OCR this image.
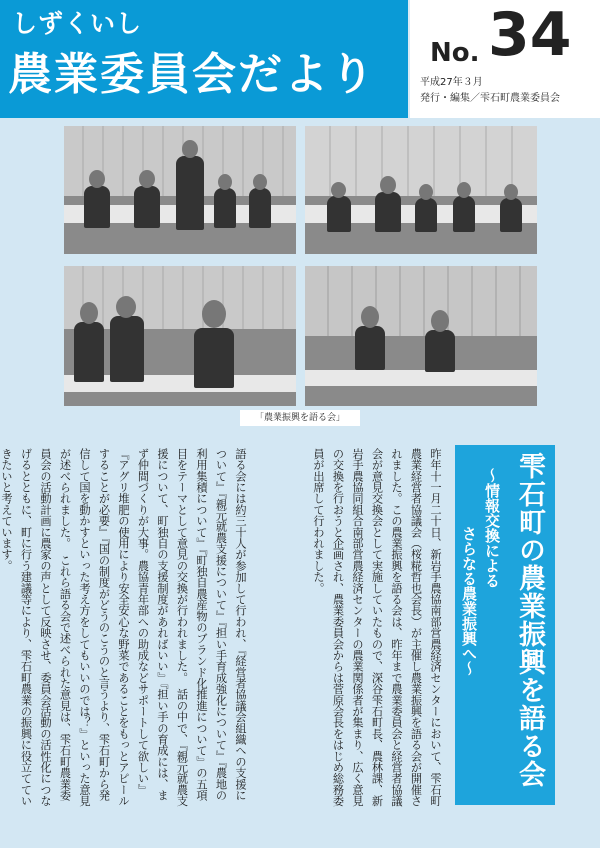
しずくいし
農業委員会だより No. 34
平成27年３月
発行・編集／雫石町農業委員会
「農業振興を語る会」
雫石町の農業振興を語る会
～情報交換による
さらなる農業振興へ～
昨年十一月二十日、新岩手農協南部営農経済センターにおいて、雫石町農業経営者協議会（桜糀哲也会長）が主催し農業振興を語る会が開催されました。この農業振興を語る会は、昨年まで農業委員会と経営者協議会が意見交換会として実施していたもので、深谷雫石町長、農林課、新岩手農協同組合南部営農経済センターの農業関係者が集まり、広く意見の交換を行おうと企画され、農業委員会からは菅原会長をはじめ総務委員が出席して行われました。
語る会には約三十人が参加して行われ、『経営者協議会組織への支援について』『親元就農支援について』『担い手育成強化について』『農地の利用集積について』『町独自農産物のブランド化推進について』の五項目をテーマとして意見の交換が行われました。　話の中で、『親元就農支援について、町独自の支援制度があればいい』『担い手の育成には、まず仲間づくりが大事。農協青年部への助成などサポートして欲しい』『アグリ堆肥の使用により安全安心な野菜であることをもっとアピールすることが必要』『国の制度がどうのこうのと言うより、雫石町から発信して国を動かすといった考え方をしてもいいのでは？』といった意見が述べられました。　これら語る会で述べられた意見は、雫石町農業委員会の活動計画に農家の声として反映させ、委員会活動の活性化につなげるとともに、町に行う建議等により、雫石町農業の振興に役立てていきたいと考えています。
